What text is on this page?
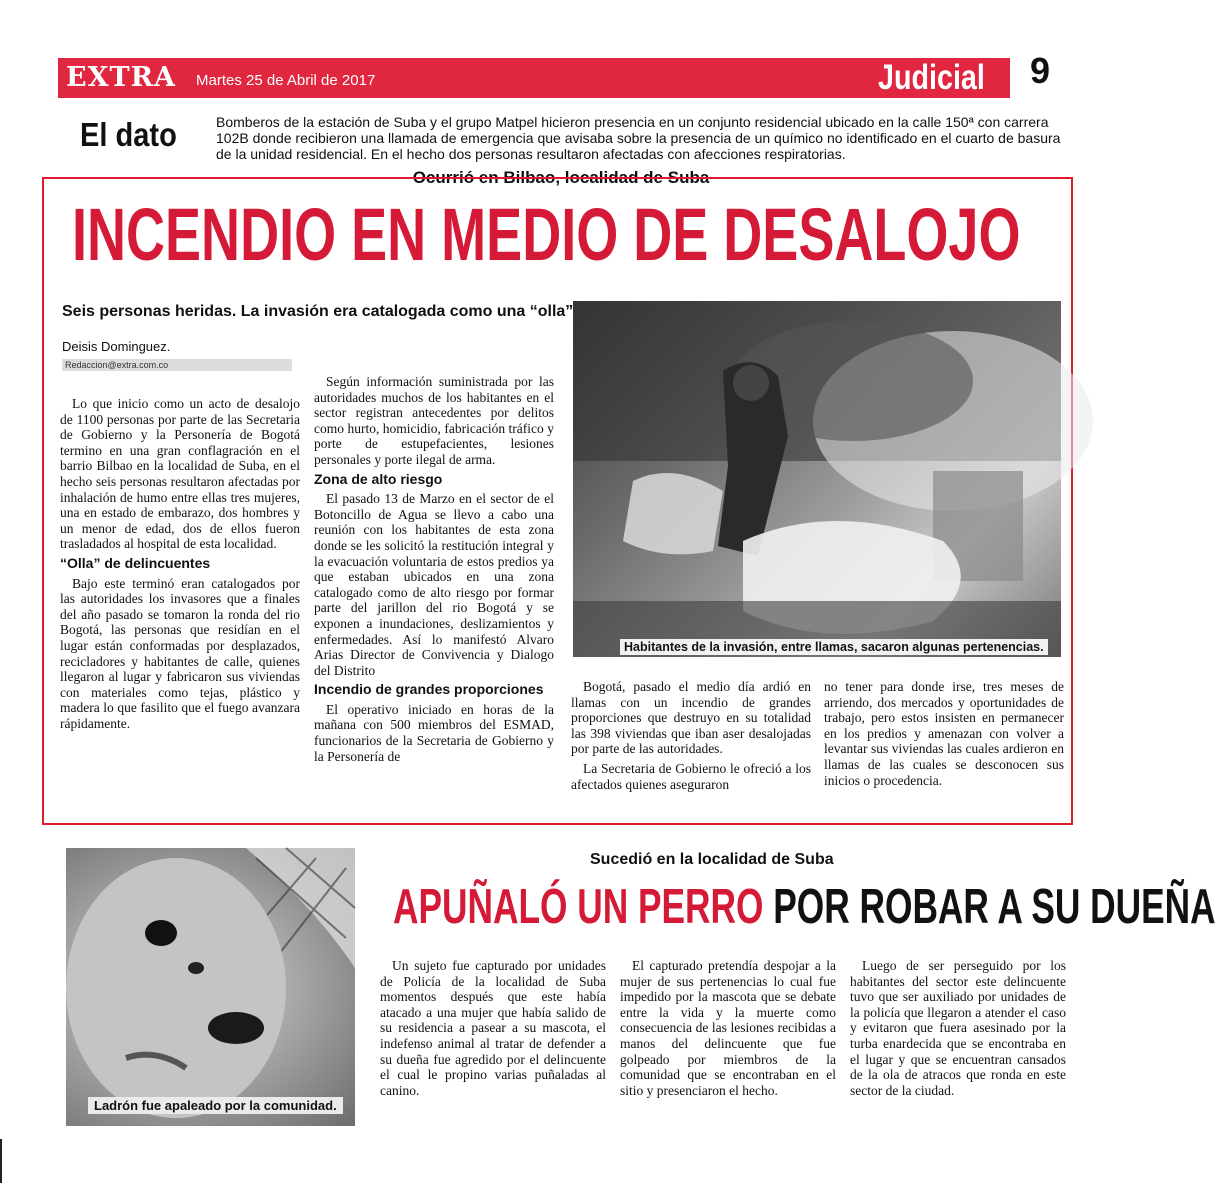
EXTRA Martes 25 de Abril de 2017	Judicial 9
El dato	Bomberos de la estación de Suba y el grupo Matpel hicieron presencia en un conjunto residencial ubicado en la calle 150ª con carrera 102B donde recibieron una llamada de emergencia que avisaba sobre la presencia de un químico no identificado en el cuarto de basura de la unidad residencial. En el hecho dos personas resultaron afectadas con afecciones respiratorias.
Ocurrió en Bilbao, localidad de Suba
INCENDIO EN MEDIO DE DESALOJO
Seis personas heridas. La invasión era catalogada como una “olla”
Deisis Dominguez.
Redaccion@extra.com.co

Lo que inicio como un acto de desalojo de 1100 personas por parte de las Secretaria de Gobierno y la Personería de Bogotá termino en una gran conflagración en el barrio Bilbao en la localidad de Suba, en el hecho seis personas resultaron afectadas por inhalación de humo entre ellas tres mujeres, una en estado de embarazo, dos hombres y un menor de edad, dos de ellos fueron trasladados al hospital de esta localidad.

“Olla” de delincuentes

Bajo este terminó eran catalogados por las autoridades los invasores que a finales del año pasado se tomaron la ronda del rio Bogotá, las personas que residían en el lugar están conformadas por desplazados, recicladores y habitantes de calle, quienes llegaron al lugar y fabricaron sus viviendas con materiales como tejas, plástico y madera lo que fasilito que el fuego avanzara rápidamente.

Según información suministrada por las autoridades muchos de los habitantes en el sector registran antecedentes por delitos como hurto, homicidio, fabricación tráfico y porte de estupefacientes, lesiones personales y porte ilegal de arma.

Zona de alto riesgo

El pasado 13 de Marzo en el sector de el Botoncillo de Agua se llevo a cabo una reunión con los habitantes de esta zona donde se les solicitó la restitución integral y la evacuación voluntaria de estos predios ya que estaban ubicados en una zona catalogado como de alto riesgo por formar parte del jarillon del rio Bogotá y se exponen a inundaciones, deslizamientos y enfermedades. Así lo manifestó Alvaro Arias Director de Convivencia y Dialogo del Distrito

Incendio de grandes proporciones

El operativo iniciado en horas de la mañana con 500 miembros del ESMAD, funcionarios de la Secretaria de Gobierno y la Personería de

Habitantes de la invasión, entre llamas, sacaron algunas pertenencias.

Bogotá, pasado el medio día ardió en llamas con un incendio de grandes proporciones que destruyo en su totalidad las 398 viviendas que iban aser desalojadas por parte de las autoridades.

La Secretaria de Gobierno le ofreció a los afectados quienes aseguraron

no tener para donde irse, tres meses de arriendo, dos mercados y oportunidades de trabajo, pero estos insisten en permanecer en los predios y amenazan con volver a levantar sus viviendas las cuales ardieron en llamas de las cuales se desconocen sus inicios o procedencia.

Ladrón fue apaleado por la comunidad.
Sucedió en la localidad de Suba
APUÑALÓ UN PERRO POR ROBAR A SU DUEÑA

Un sujeto fue capturado por unidades de Policía de la localidad de Suba momentos después que este había atacado a una mujer que había salido de su residencia a pasear a su mascota, el indefenso animal al tratar de defender a su dueña fue agredido por el delincuente el cual le propino varias puñaladas al canino.

El capturado pretendía despojar a la mujer de sus pertenencias lo cual fue impedido por la mascota que se debate entre la vida y la muerte como consecuencia de las lesiones recibidas a manos del delincuente que fue golpeado por miembros de la comunidad que se encontraban en el sitio y presenciaron el hecho.

Luego de ser perseguido por los habitantes del sector este delincuente tuvo que ser auxiliado por unidades de la policía que llegaron a atender el caso y evitaron que fuera asesinado por la turba enardecida que se encontraba en el lugar y que se encuentran cansados de la ola de atracos que ronda en este sector de la ciudad.
